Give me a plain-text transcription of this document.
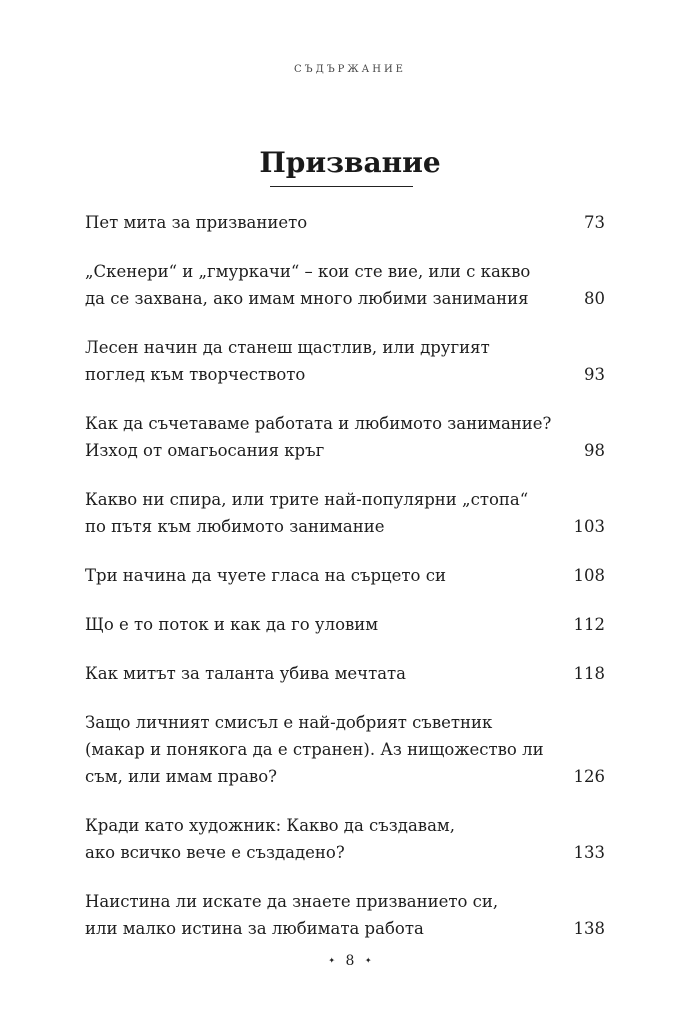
СЪДЪРЖАНИЕ
Призвание
Пет мита за призванието	73
„Скенери“ и „гмуркачи“ – кои сте вие, или с какво
да се захвана, ако имам много любими занимания	80
Лесен начин да станеш щастлив, или другият
поглед към творчеството	93
Как да съчетаваме работата и любимото занимание?
Изход от омагьосания кръг	98
Какво ни спира, или трите най-популярни „стопа“
по пътя към любимото занимание	103
Три начина да чуете гласа на сърцето си	108
Що е то поток и как да го уловим	112
Как митът за таланта убива мечтата	118
Защо личният смисъл е най-добрият съветник
(макар и понякога да е странен). Аз нищожество ли
съм, или имам право?	126
Кради като художник: Какво да създавам,
ако всичко вече е създадено?	133
Наистина ли искате да знаете призванието си,
или малко истина за любимата работа	138
✦ 8 ✦
